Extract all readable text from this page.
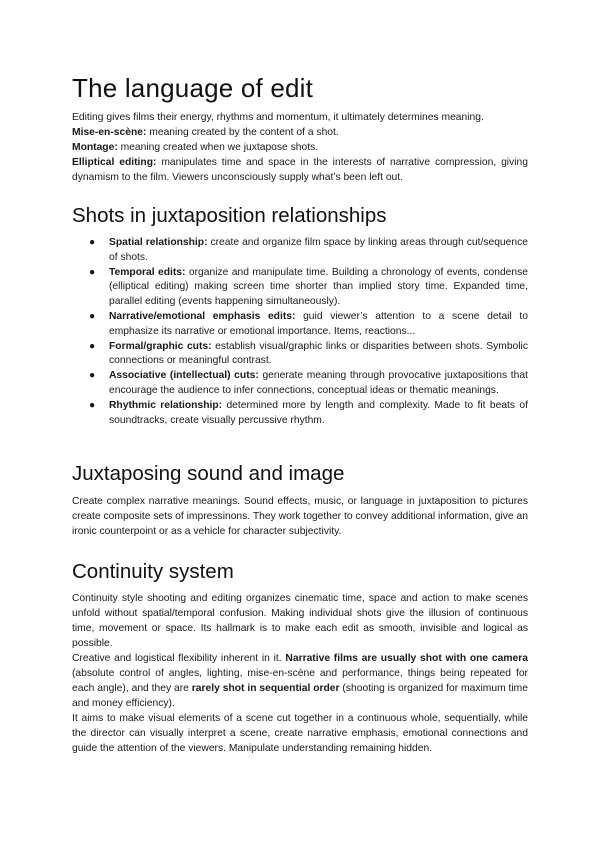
The language of edit

Editing gives films their energy, rhythms and momentum, it ultimately determines meaning.

Mise-en-scène: meaning created by the content of a shot.

Montage: meaning created when we juxtapose shots.

Elliptical editing: manipulates time and space in the interests of narrative compression, giving dynamism to the film. Viewers unconsciously supply what’s been left out.

Shots in juxtaposition relationships
● Spatial relationship: create and organize film space by linking areas through cut/sequence of shots.
● Temporal edits: organize and manipulate time. Building a chronology of events, condense (elliptical editing) making screen time shorter than implied story time. Expanded time, parallel editing (events happening simultaneously).
● Narrative/emotional emphasis edits: guid viewer’s attention to a scene detail to emphasize its narrative or emotional importance. Items, reactions...
● Formal/graphic cuts: establish visual/graphic links or disparities between shots. Symbolic connections or meaningful contrast.
● Associative (intellectual) cuts: generate meaning through provocative juxtapositions that encourage the audience to infer connections, conceptual ideas or thematic meanings.
● Rhythmic relationship: determined more by length and complexity. Made to fit beats of soundtracks, create visually percussive rhythm.
Juxtaposing sound and image

Create complex narrative meanings. Sound effects, music, or language in juxtaposition to pictures create composite sets of impressinons. They work together to convey additional information, give an ironic counterpoint or as a vehicle for character subjectivity.

Continuity system

Continuity style shooting and editing organizes cinematic time, space and action to make scenes unfold without spatial/temporal confusion. Making individual shots give the illusion of continuous time, movement or space. Its hallmark is to make each edit as smooth, invisible and logical as possible.

Creative and logistical flexibility inherent in it. Narrative films are usually shot with one camera (absolute control of angles, lighting, mise-en-scène and performance, things being repeated for each angle), and they are rarely shot in sequential order (shooting is organized for maximum time and money efficiency).

It aims to make visual elements of a scene cut together in a continuous whole, sequentially, while the director can visually interpret a scene, create narrative emphasis, emotional connections and guide the attention of the viewers. Manipulate understanding remaining hidden.
